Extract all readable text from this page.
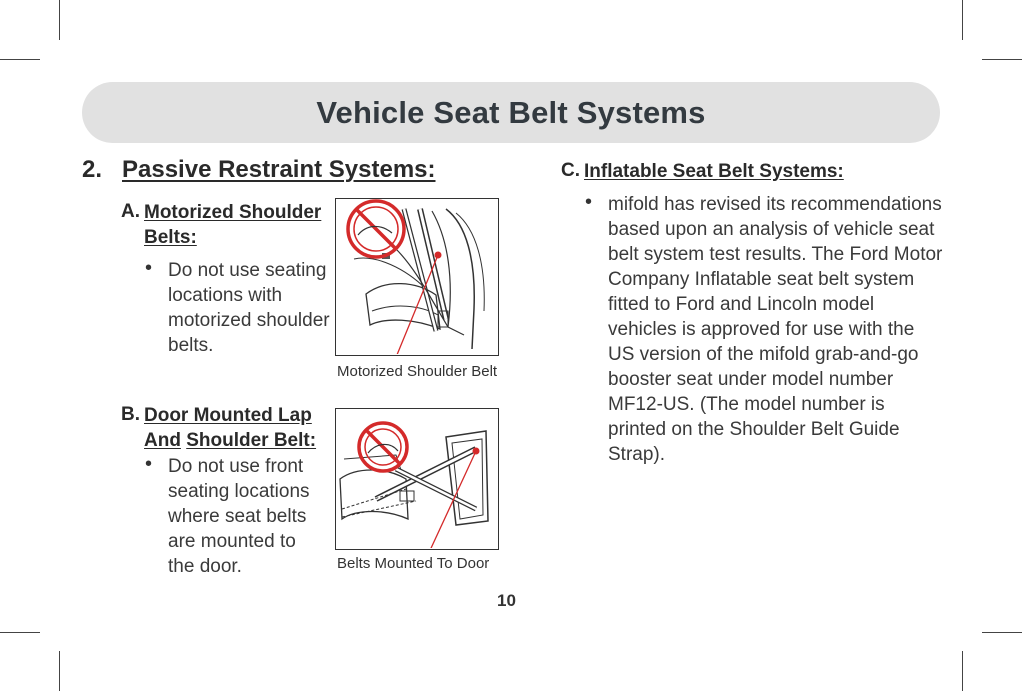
Vehicle Seat Belt Systems
2. Passive Restraint Systems:
A. Motorized Shoulder
Belts:
• Do not use seating
locations with
motorized shoulder
belts.
Motorized Shoulder Belt
B. Door Mounted Lap
And Shoulder Belt:
• Do not use front
seating locations
where seat belts
are mounted to
the door.	Belts Mounted To Door
C. Inflatable Seat Belt Systems:
• mifold has revised its recommendations
based upon an analysis of vehicle seat
belt system test results. The Ford Motor
Company Inflatable seat belt system
fitted to Ford and Lincoln model
vehicles is approved for use with the
US version of the mifold grab-and-go
booster seat under model number
MF12-US. (The model number is
printed on the Shoulder Belt Guide
Strap).
10
